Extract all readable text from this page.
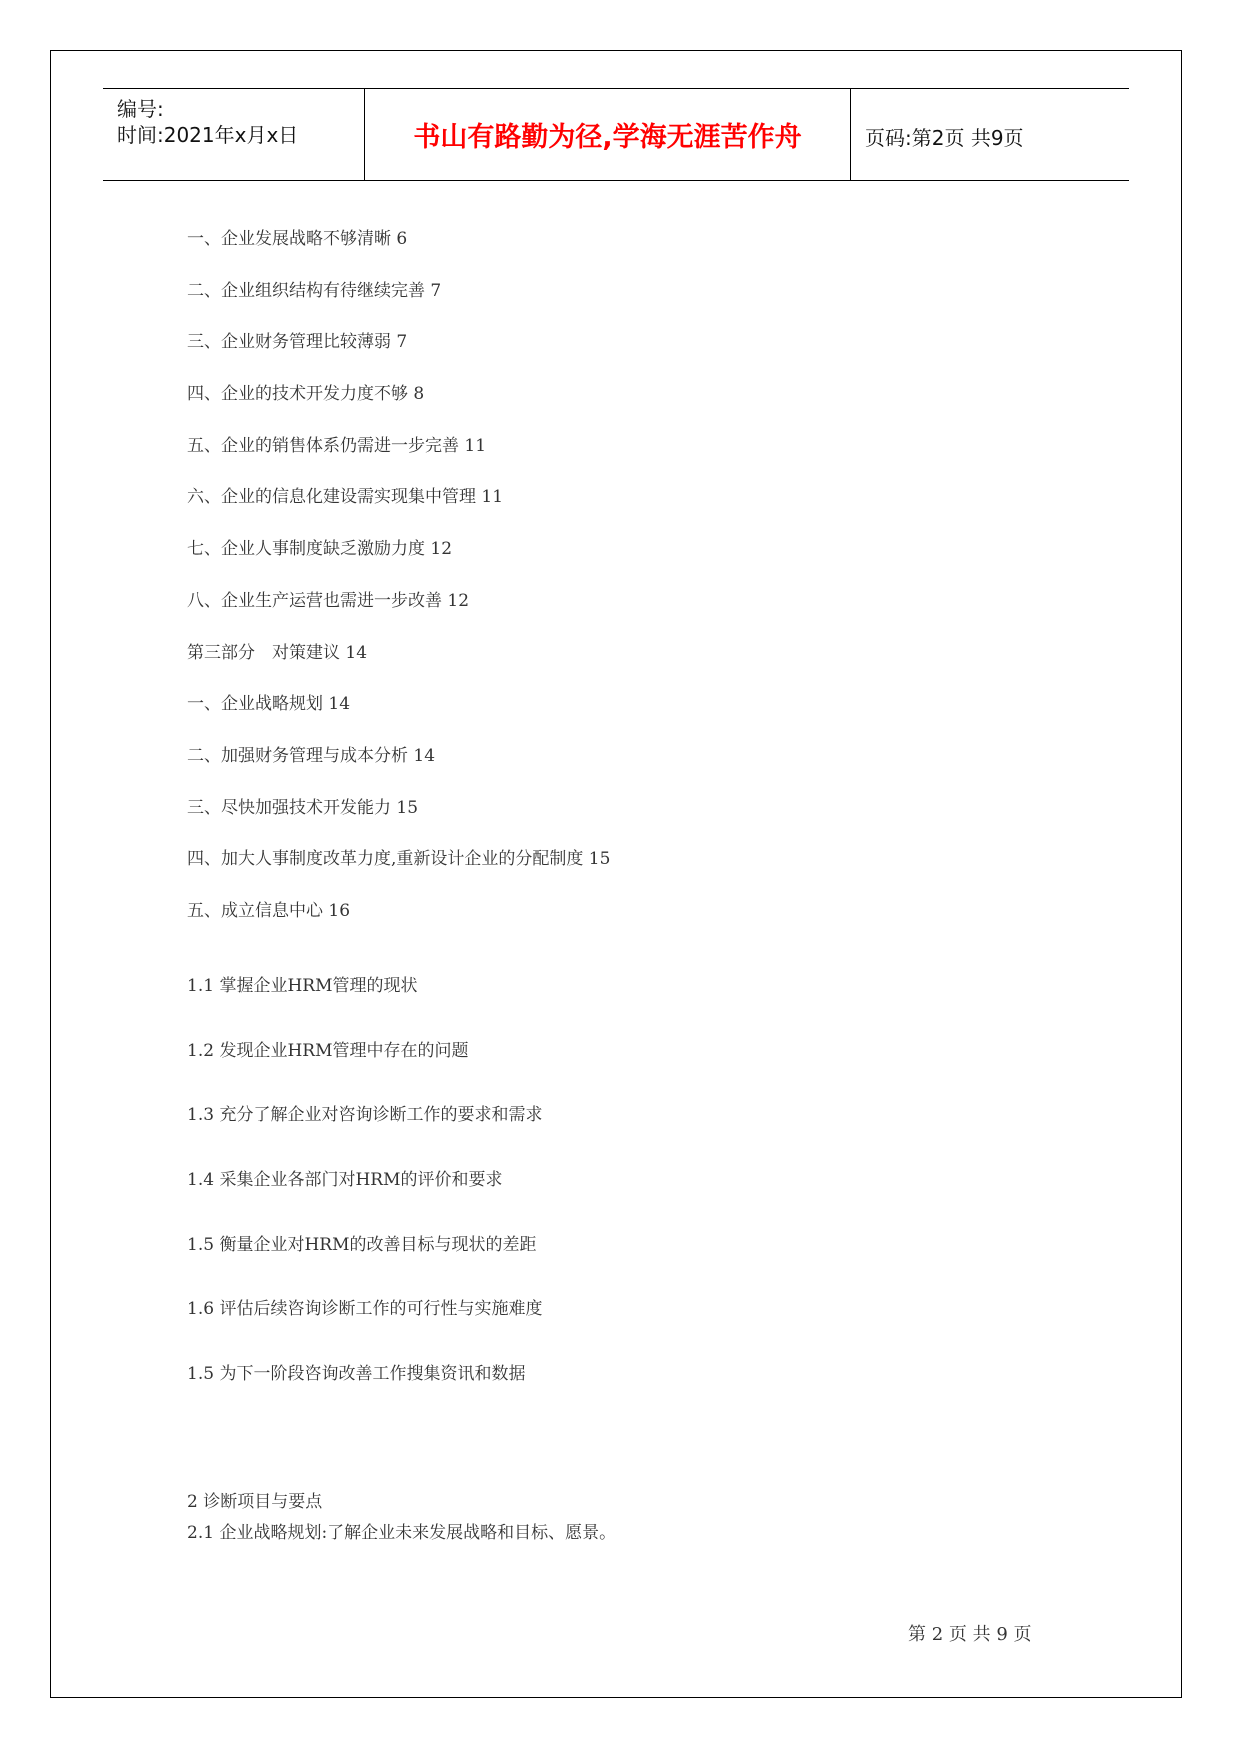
编号:
时间:2021年x月x日	书山有路勤为径,学海无涯苦作舟	页码:第2页 共9页
一、企业发展战略不够清晰 6
二、企业组织结构有待继续完善 7
三、企业财务管理比较薄弱 7
四、企业的技术开发力度不够 8
五、企业的销售体系仍需进一步完善 11
六、企业的信息化建设需实现集中管理 11
七、企业人事制度缺乏激励力度 12
八、企业生产运营也需进一步改善 12
第三部分　对策建议 14
一、企业战略规划 14
二、加强财务管理与成本分析 14
三、尽快加强技术开发能力 15
四、加大人事制度改革力度,重新设计企业的分配制度 15
五、成立信息中心 16
1.1 掌握企业HRM管理的现状
1.2 发现企业HRM管理中存在的问题
1.3 充分了解企业对咨询诊断工作的要求和需求
1.4 采集企业各部门对HRM的评价和要求
1.5 衡量企业对HRM的改善目标与现状的差距
1.6 评估后续咨询诊断工作的可行性与实施难度
1.5 为下一阶段咨询改善工作搜集资讯和数据
2 诊断项目与要点
2.1 企业战略规划:了解企业未来发展战略和目标、愿景。
第 2 页 共 9 页
